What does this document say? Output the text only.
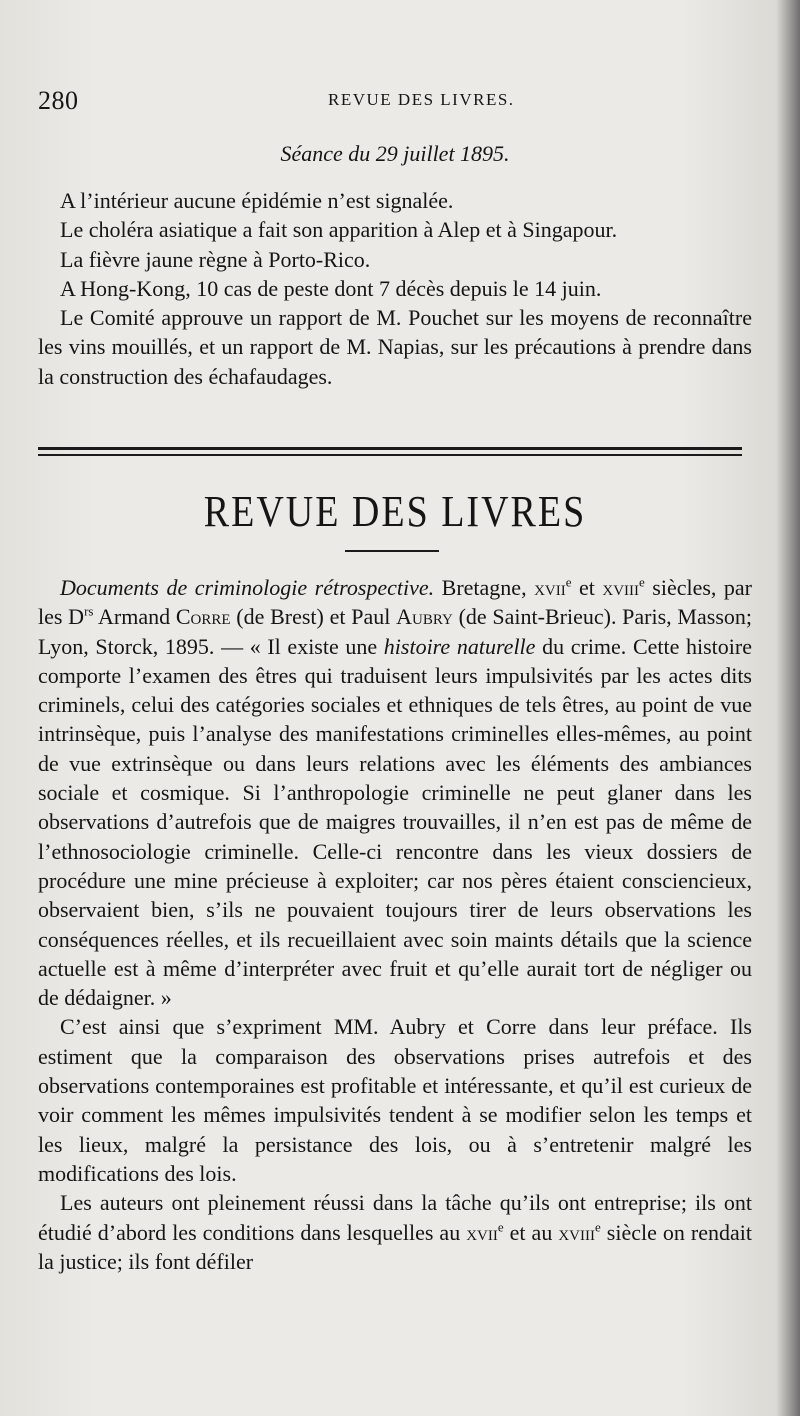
280	REVUE DES LIVRES.
Séance du 29 juillet 1895.

A l’intérieur aucune épidémie n’est signalée.

Le choléra asiatique a fait son apparition à Alep et à Singapour.

La fièvre jaune règne à Porto-Rico.

A Hong-Kong, 10 cas de peste dont 7 décès depuis le 14 juin.

Le Comité approuve un rapport de M. Pouchet sur les moyens de reconnaître les vins mouillés, et un rapport de M. Napias, sur les précautions à prendre dans la construction des échafaudages.

REVUE DES LIVRES

Documents de criminologie rétrospective. Bretagne, xvii$^e$ et xviii$^e$ siècles, par les $D^{rs}$ Armand Corre (de Brest) et Paul Aubry (de Saint-Brieuc). Paris, Masson; Lyon, Storck, 1895. — « Il existe une histoire naturelle du crime. Cette histoire comporte l’examen des êtres qui traduisent leurs impulsivités par les actes dits criminels, celui des catégories sociales et ethniques de tels êtres, au point de vue intrinsèque, puis l’analyse des manifestations criminelles elles-mêmes, au point de vue extrinsèque ou dans leurs relations avec les éléments des ambiances sociale et cosmique. Si l’anthropologie criminelle ne peut glaner dans les observations d’autrefois que de maigres trouvailles, il n’en est pas de même de l’ethnosociologie criminelle. Celle-ci rencontre dans les vieux dossiers de procédure une mine précieuse à exploiter; car nos pères étaient consciencieux, observaient bien, s’ils ne pouvaient toujours tirer de leurs observations les conséquences réelles, et ils recueillaient avec soin maints détails que la science actuelle est à même d’interpréter avec fruit et qu’elle aurait tort de négliger ou de dédaigner. »

C’est ainsi que s’expriment MM. Aubry et Corre dans leur préface. Ils estiment que la comparaison des observations prises autrefois et des observations contemporaines est profitable et intéressante, et qu’il est curieux de voir comment les mêmes impulsivités tendent à se modifier selon les temps et les lieux, malgré la persistance des lois, ou à s’entretenir malgré les modifications des lois.

Les auteurs ont pleinement réussi dans la tâche qu’ils ont entreprise; ils ont étudié d’abord les conditions dans lesquelles au xvii$^e$ et au xviii$^e$ siècle on rendait la justice; ils font défiler
